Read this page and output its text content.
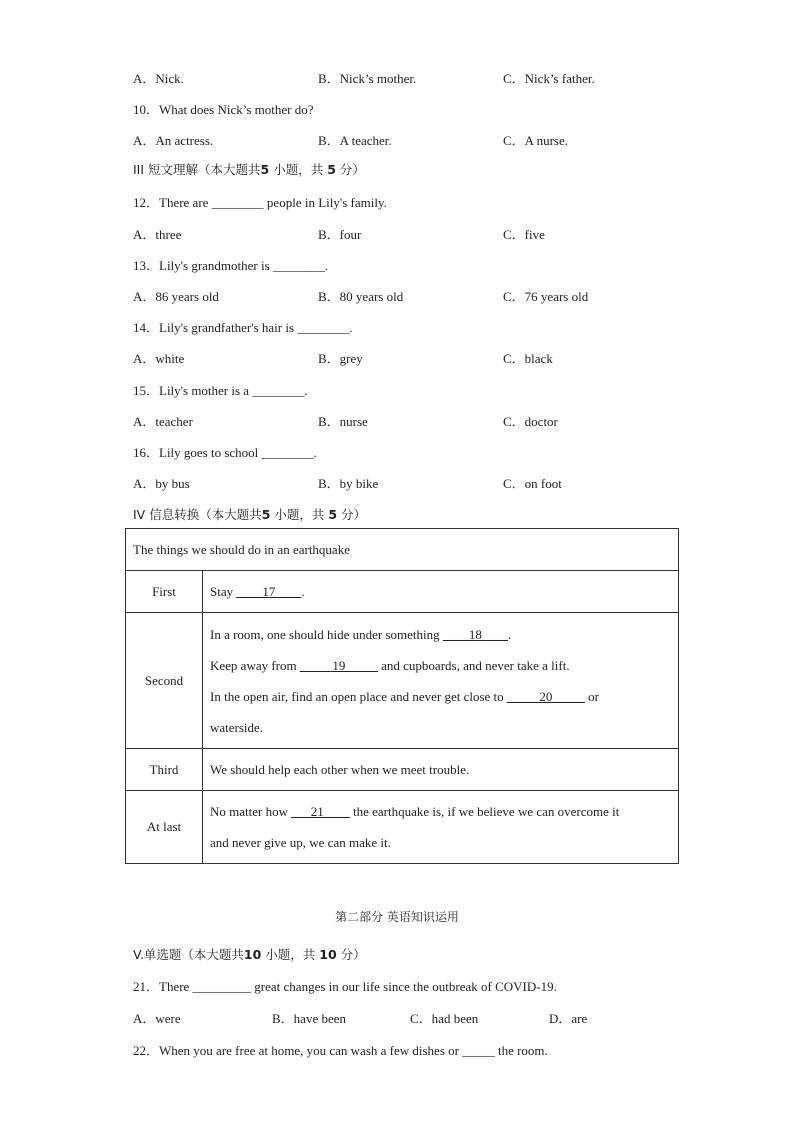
A．Nick.	B．Nick’s mother.	C．Nick’s father.
10．What does Nick’s mother do?
A．An actress.	B．A teacher.	C．A nurse.
III 短文理解（本大题共5 小题，共 5 分）
12．There are ________ people in Lily's family.
A．three	B．four	C．five
13．Lily's grandmother is ________.
A．86 years old	B．80 years old	C．76 years old
14．Lily's grandfather's hair is ________.
A．white	B．grey	C．black
15．Lily's mother is a ________.
A．teacher	B．nurse	C．doctor
16．Lily goes to school ________.
A．by bus	B．by bike	C．on foot
IV 信息转换（本大题共5 小题，共 5 分）
The things we should do in an earthquake	
First	Stay ____17____.
Second	In a room, one should hide under something ____18____.
Keep away from _____19_____ and cupboards, and never take a lift.
In the open air, find an open place and never get close to _____20_____ or
waterside.

Third	We should help each other when we meet trouble.
At last	No matter how ___21____ the earthquake is, if we believe we can overcome it
and never give up, we can make it.
第二部分 英语知识运用
V.单选题（本大题共10 小题，共 10 分）
21．There _________ great changes in our life since the outbreak of COVID-19.
A．were	B．have been	C．had been	D．are
22．When you are free at home, you can wash a few dishes or _____ the room.
